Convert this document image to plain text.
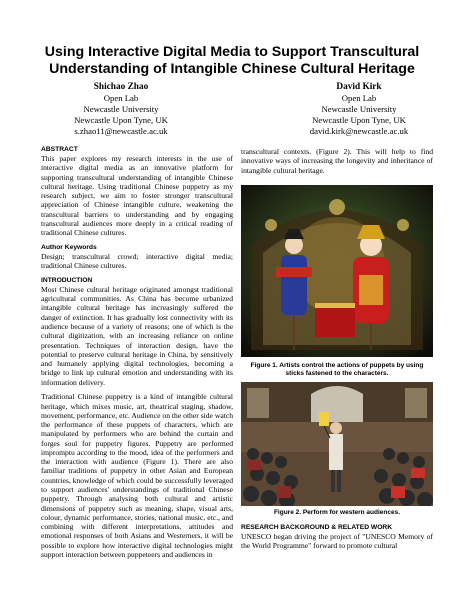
Using Interactive Digital Media to Support Transcultural Understanding of Intangible Chinese Cultural Heritage
Shichao Zhao
Open Lab
Newcastle University
Newcastle Upon Tyne, UK
s.zhao11@newcastle.ac.uk
David Kirk
Open Lab
Newcastle University
Newcastle Upon Tyne, UK
david.kirk@newcastle.ac.uk
ABSTRACT

This paper explores my research interests in the use of interactive digital media as an innovative platform for supporting transcultural understanding of intangible Chinese cultural heritage. Using traditional Chinese puppetry as my research subject, we aim to foster stronger transcultural appreciation of Chinese intangible culture, weakening the transcultural barriers to understanding and by engaging transcultural audiences more deeply in a critical reading of traditional Chinese cultures.

Author Keywords

Design; transcultural crowd; interactive digital media; traditional Chinese cultures.

INTRODUCTION

Most Chinese cultural heritage originated amongst traditional agricultural communities. As China has become urbanized intangible cultural heritage has increasingly suffered the danger of extinction. It has gradually lost connectivity with its audience because of a variety of reasons; one of which is the cultural digitization, with an increasing reliance on online presentation. Techniques of interaction design, have the potential to preserve cultural heritage in China, by sensitively and humanely applying digital technologies, becoming a bridge to link up cultural emotion and understanding with its information delivery.

Traditional Chinese puppetry is a kind of intangible cultural heritage, which mixes music, art, theatrical staging, shadow, movement, performance, etc. Audience on the other side watch the performance of these puppets of characters, which are manipulated by performers who are behind the curtain and forges soul for puppetry figures. Puppetry are performed impromptu according to the mood, idea of the performers and the interaction with audience (Figure 1). There are also familiar traditions of puppetry in other Asian and European countries, knowledge of which could be successfully leveraged to support audiences' understandings of traditional Chinese puppetry. Through analysing both cultural and artistic dimensions of puppetry such as meaning, shape, visual arts, colour, dynamic performance, stories, national music, etc., and combining with different interpretations, attitudes and emotional responses of both Asians and Westerners, it will be possible to explore how interactive digital technologies might support interaction between puppeteers and audiences in

transcultural contexts. (Figure 2). This will help to find innovative ways of increasing the longevity and inheritance of intangible cultural heritage.

Figure 1. Artists control the actions of puppets by using sticks fastened to the characters.
Figure 2. Perform for western audiences.
RESEARCH BACKGROUND & RELATED WORK

UNESCO began driving the project of "UNESCO Memory of the World Programme" forward to promote cultural
